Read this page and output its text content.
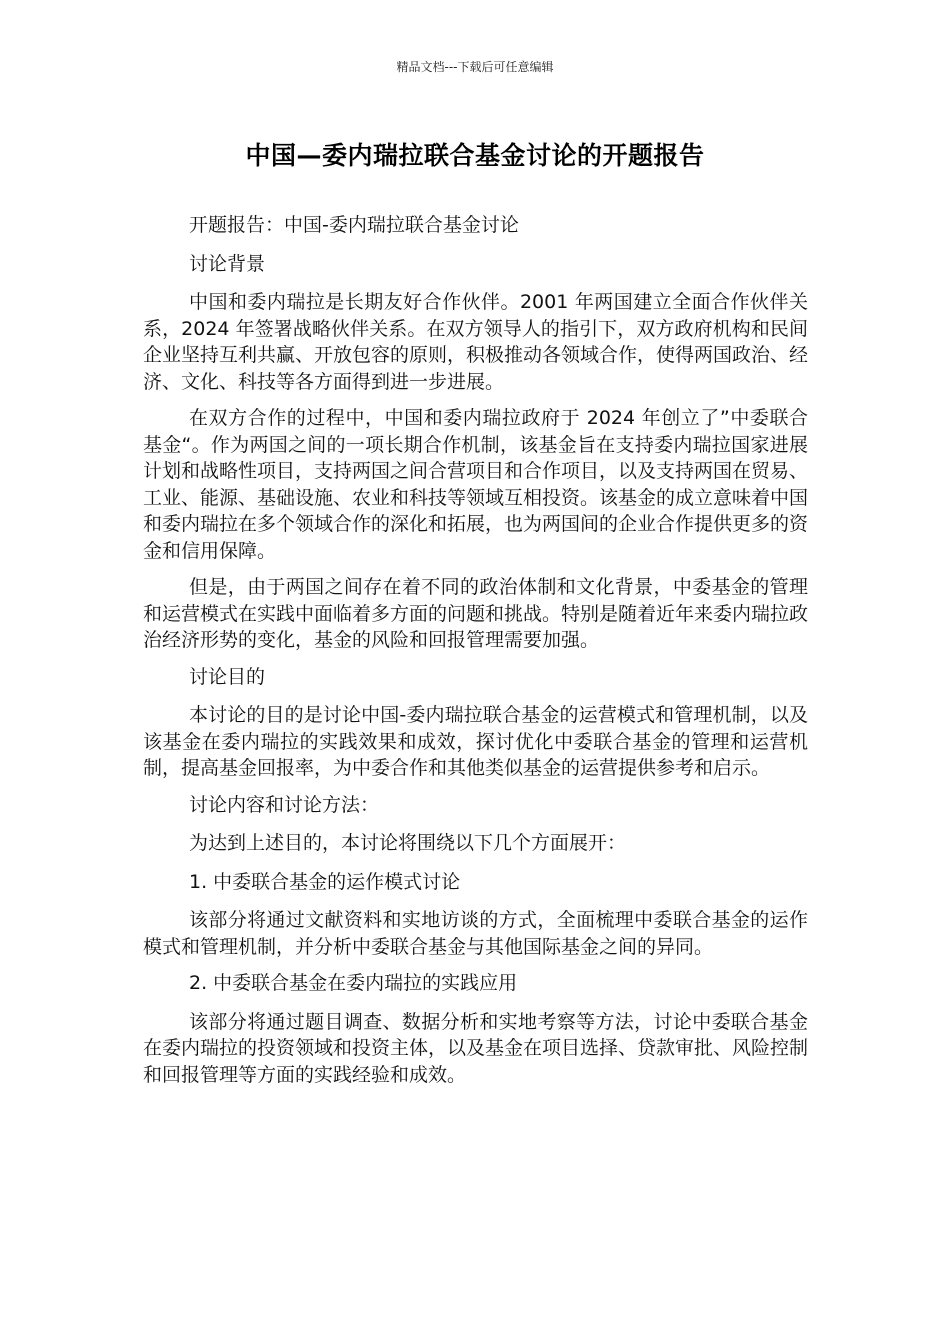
精品文档---下载后可任意编辑
中国—委内瑞拉联合基金讨论的开题报告

开题报告：中国-委内瑞拉联合基金讨论

讨论背景

中国和委内瑞拉是长期友好合作伙伴。2001 年两国建立全面合作伙伴关系，2024 年签署战略伙伴关系。在双方领导人的指引下，双方政府机构和民间企业坚持互利共赢、开放包容的原则，积极推动各领域合作，使得两国政治、经济、文化、科技等各方面得到进一步进展。

在双方合作的过程中，中国和委内瑞拉政府于 2024 年创立了”中委联合基金“。作为两国之间的一项长期合作机制，该基金旨在支持委内瑞拉国家进展计划和战略性项目，支持两国之间合营项目和合作项目，以及支持两国在贸易、工业、能源、基础设施、农业和科技等领域互相投资。该基金的成立意味着中国和委内瑞拉在多个领域合作的深化和拓展，也为两国间的企业合作提供更多的资金和信用保障。

但是，由于两国之间存在着不同的政治体制和文化背景，中委基金的管理和运营模式在实践中面临着多方面的问题和挑战。特别是随着近年来委内瑞拉政治经济形势的变化，基金的风险和回报管理需要加强。

讨论目的

本讨论的目的是讨论中国-委内瑞拉联合基金的运营模式和管理机制，以及该基金在委内瑞拉的实践效果和成效，探讨优化中委联合基金的管理和运营机制，提高基金回报率，为中委合作和其他类似基金的运营提供参考和启示。

讨论内容和讨论方法：

为达到上述目的，本讨论将围绕以下几个方面展开：

1. 中委联合基金的运作模式讨论

该部分将通过文献资料和实地访谈的方式，全面梳理中委联合基金的运作模式和管理机制，并分析中委联合基金与其他国际基金之间的异同。

2. 中委联合基金在委内瑞拉的实践应用

该部分将通过题目调查、数据分析和实地考察等方法，讨论中委联合基金在委内瑞拉的投资领域和投资主体，以及基金在项目选择、贷款审批、风险控制和回报管理等方面的实践经验和成效。
